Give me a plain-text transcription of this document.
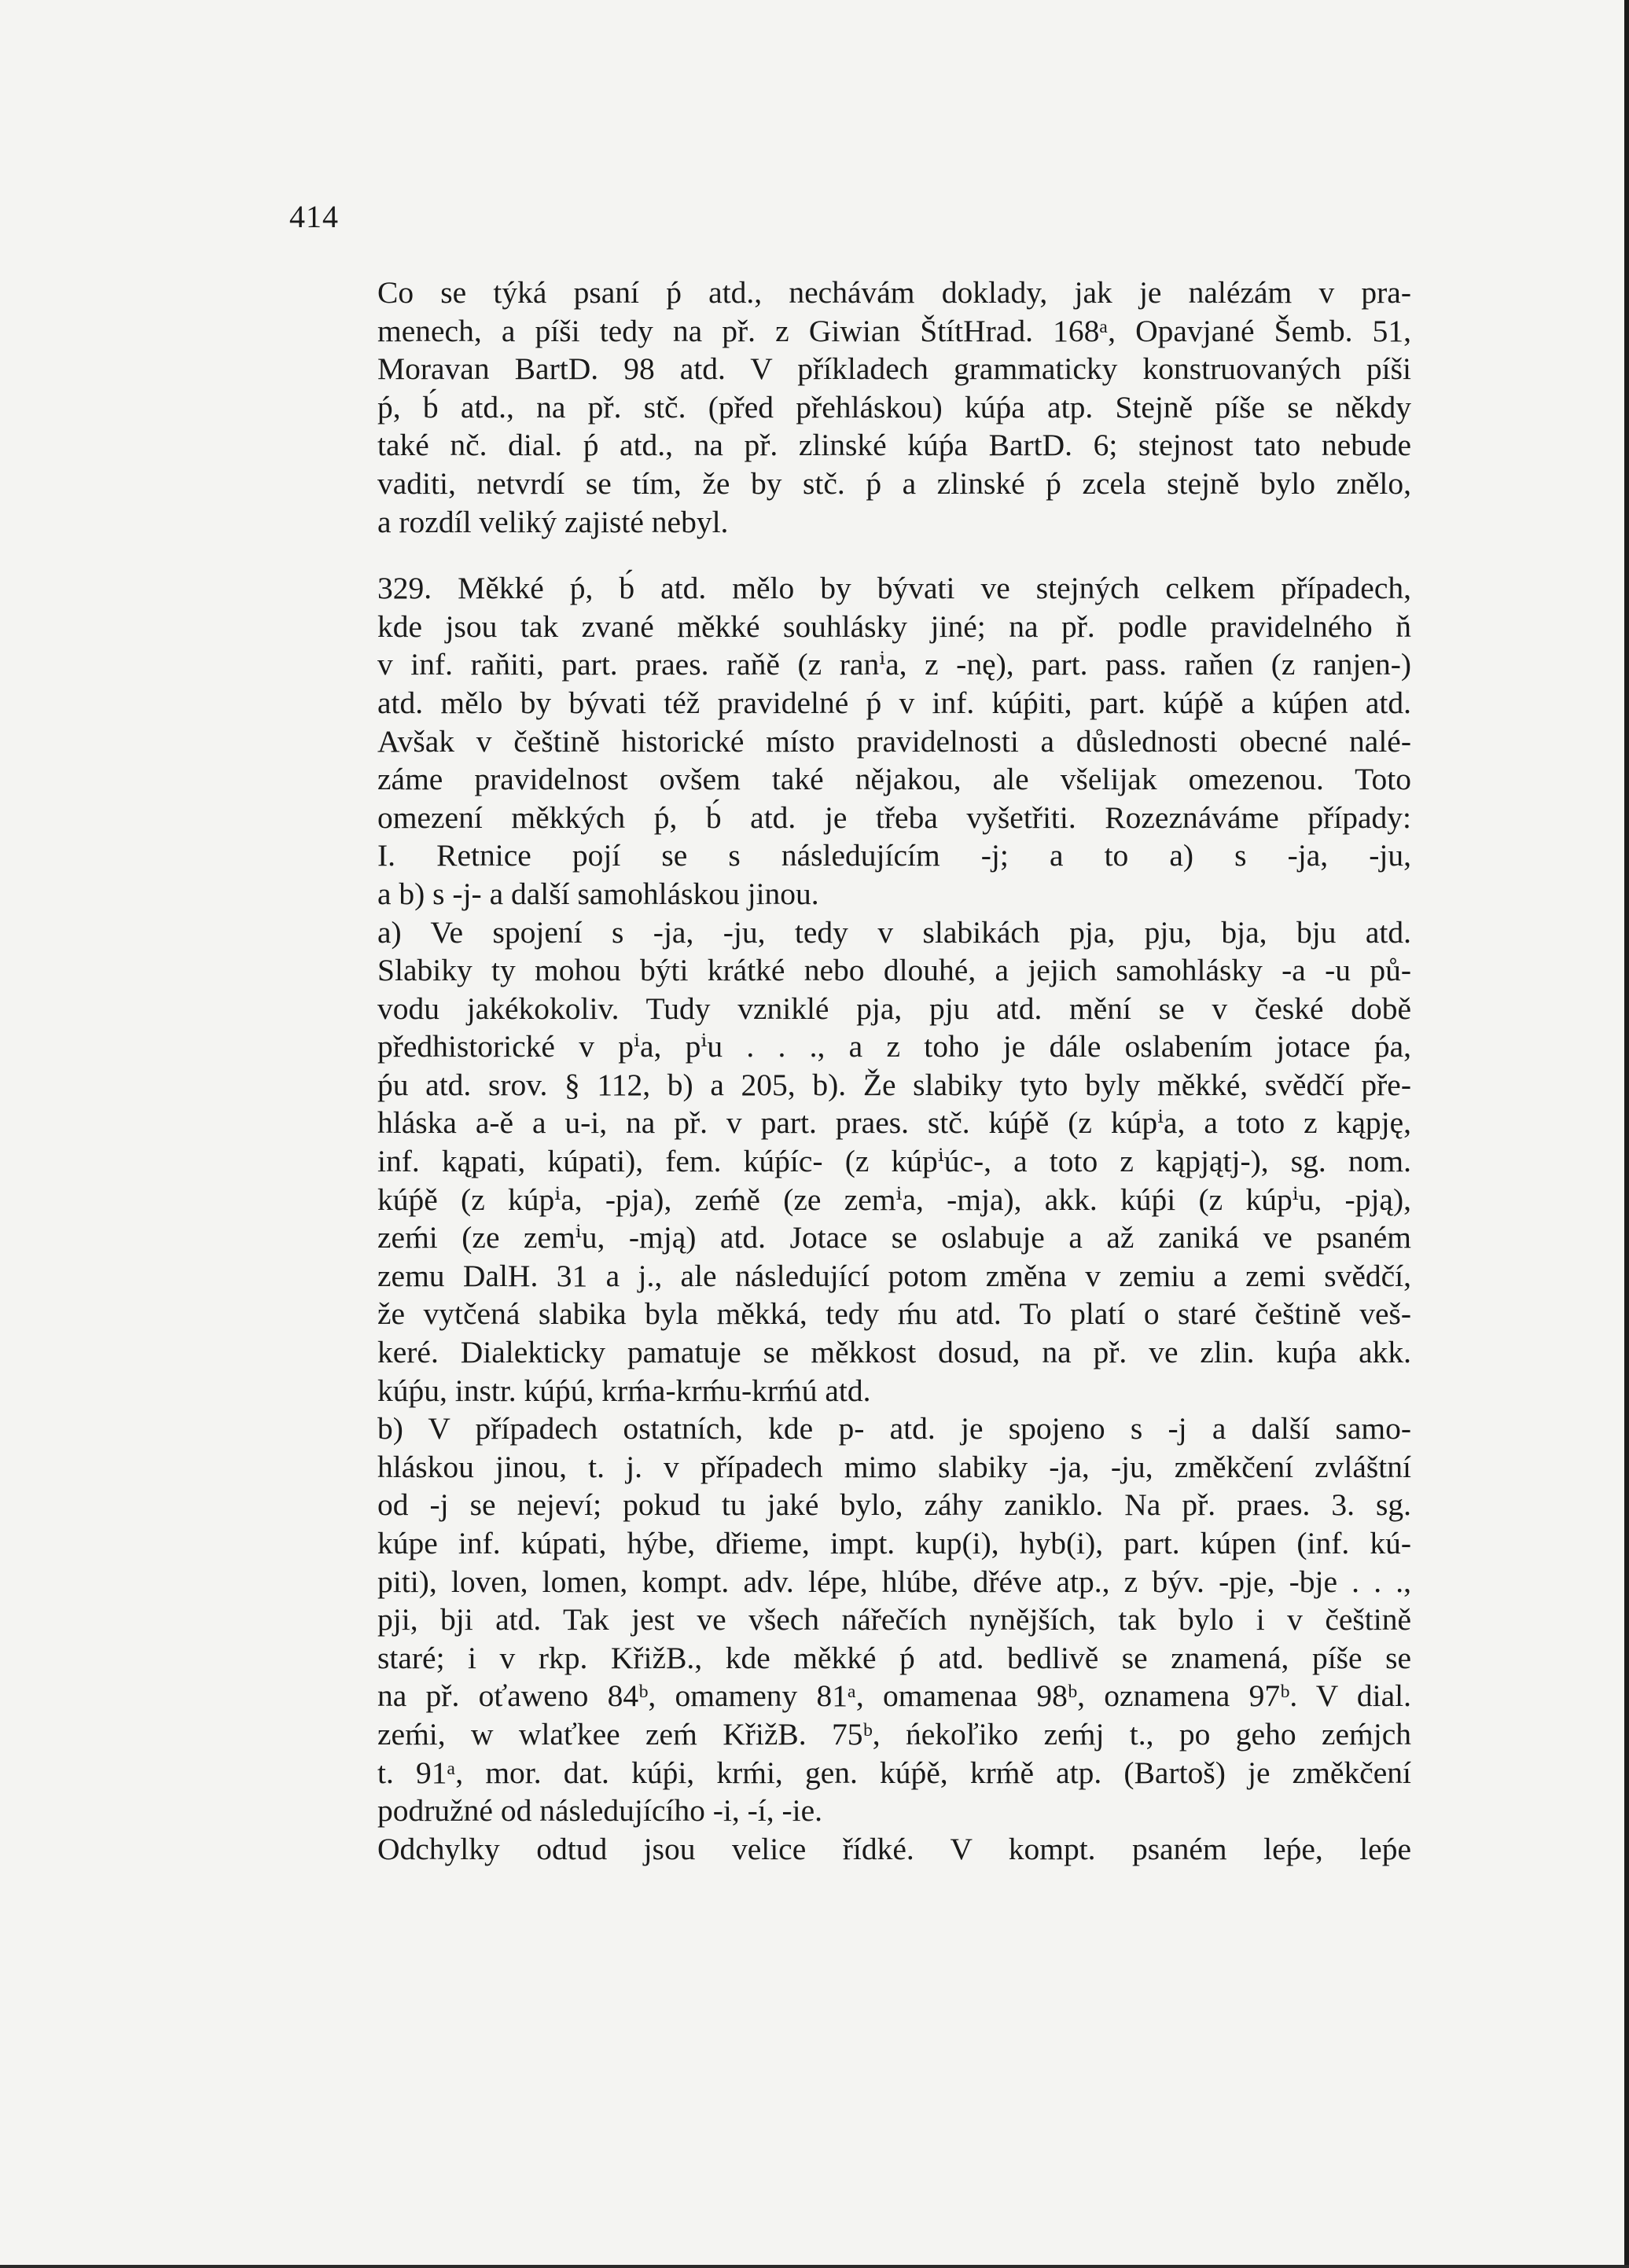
414

Co se týká psaní ṕ atd., nechávám doklady, jak je nalézám v pra-
menech, a píši tedy na př. z Giwian ŠtítHrad. 168ᵃ, Opavjané Šemb. 51,
Moravan BartD. 98 atd. V příkladech grammaticky konstruovaných píši
ṕ, b́ atd., na př. stč. (před přehláskou) kúṕa atp. Stejně píše se někdy
také nč. dial. ṕ atd., na př. zlinské kúṕa BartD. 6; stejnost tato nebude
vaditi, netvrdí se tím, že by stč. ṕ a zlinské ṕ zcela stejně bylo znělo,
a rozdíl veliký zajisté nebyl.

329. Měkké ṕ, b́ atd. mělo by bývati ve stejných celkem případech,
kde jsou tak zvané měkké souhlásky jiné; na př. podle pravidelného ň
v inf. raňiti, part. praes. raňě (z ranⁱa, z -nę), part. pass. raňen (z ranjen-)
atd. mělo by bývati též pravidelné ṕ v inf. kúṕiti, part. kúṕě a kúṕen atd.
Avšak v češtině historické místo pravidelnosti a důslednosti obecné nalé-
záme pravidelnost ovšem také nějakou, ale všelijak omezenou. Toto
omezení měkkých ṕ, b́ atd. je třeba vyšetřiti. Rozeznáváme případy:

I. Retnice pojí se s následujícím -j; a to a) s -ja, -ju,
a b) s -j- a další samohláskou jinou.

a) Ve spojení s -ja, -ju, tedy v slabikách pja, pju, bja, bju atd.
Slabiky ty mohou býti krátké nebo dlouhé, a jejich samohlásky -a -u pů-
vodu jakékokoliv. Tudy vzniklé pja, pju atd. mění se v české době
předhistorické v pⁱa, pⁱu . . ., a z toho je dále oslabením jotace ṕa,
ṕu atd. srov. § 112, b) a 205, b). Že slabiky tyto byly měkké, svědčí pře-
hláska a-ě a u-i, na př. v part. praes. stč. kúṕě (z kúpⁱa, a toto z kąpję,
inf. kąpati, kúpati), fem. kúṕíc- (z kúpⁱúc-, a toto z kąpjątj-), sg. nom.
kúṕě (z kúpⁱa, -pja), zeḿě (ze zemⁱa, -mja), akk. kúṕi (z kúpⁱu, -pją),
zeḿi (ze zemⁱu, -mją) atd. Jotace se oslabuje a až zaniká ve psaném
zemu DalH. 31 a j., ale následující potom změna v zemiu a zemi svědčí,
že vytčená slabika byla měkká, tedy ḿu atd. To platí o staré češtině veš-
keré. Dialekticky pamatuje se měkkost dosud, na př. ve zlin. kuṕa akk.
kúṕu, instr. kúṕú, krḿa-krḿu-krḿú atd.

b) V případech ostatních, kde p- atd. je spojeno s -j a další samo-
hláskou jinou, t. j. v případech mimo slabiky -ja, -ju, změkčení zvláštní
od -j se neјeví; pokud tu jaké bylo, záhy zaniklo. Na př. praes. 3. sg.
kúpe inf. kúpati, hýbe, dřieme, impt. kup(i), hyb(i), part. kúpen (inf. kú-
piti), loven, lomen, kompt. adv. lépe, hlúbe, dřéve atp., z býv. -pje, -bje . . .,
pji, bji atd. Tak jest ve všech nářečích nynějších, tak bylo i v češtině
staré; i v rkp. KřižB., kde měkké ṕ atd. bedlivě se znamená, píše se
na př. oťaweno 84ᵇ, omameny 81ᵃ, omamenaa 98ᵇ, oznamena 97ᵇ. V dial.
zeḿi, w wlaťkee zeḿ KřižB. 75ᵇ, ńekoľiko zeḿj t., po geho zeḿjch
t. 91ᵃ, mor. dat. kúṕi, krḿi, gen. kúṕě, krḿě atp. (Bartoš) je změkčení
podružné od následujícího -i, -í, -ie.

Odchylky odtud jsou velice řídké. V kompt. psaném leṕe, leṕe
